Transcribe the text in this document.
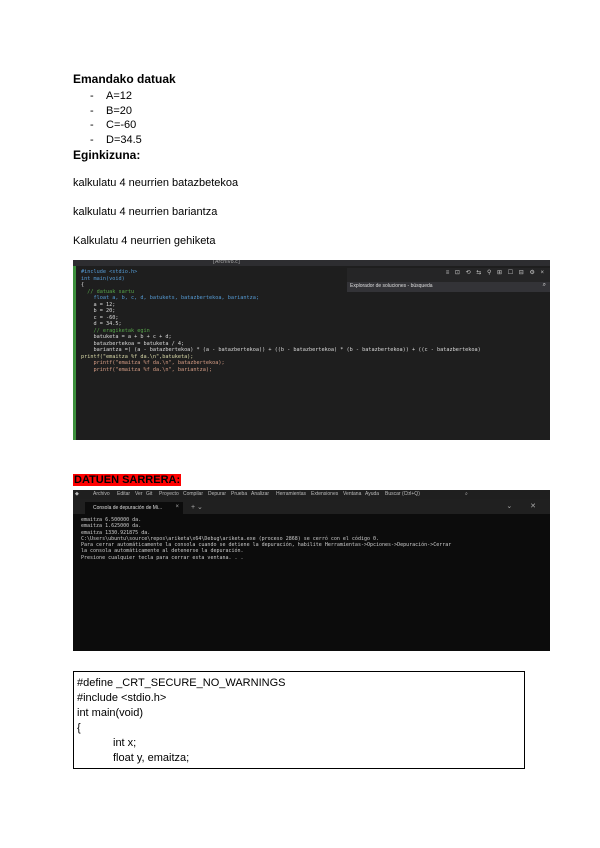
Emandako datuak
- A=12
- B=20
- C=-60
- D=34.5
Eginkizuna:
kalkulatu 4 neurrien batazbetekoa
kalkulatu 4 neurrien bariantza
Kalkulatu 4 neurrien gehiketa
[Archivo.c]
#include <stdio.h>
int main(void)
{
// datuak sartu
float a, b, c, d, batukets, batazbertekoa, bariantza;
a = 12;
b = 20;
c = -60;
d = 34.5;
// eragiketak egin
batuketa = a + b + c + d;
batazbertekoa = batuketa / 4;
bariantza =( (a - batazbertekoa) * (a - batazbertekoa)) + ((b - batazbertekoa) * (b - batazbertekoa)) + ((c - batazbertekoa)
printf("emaitza %f da.\n",batuketa);
printf("emaitza %f da.\n", batazbertekoa);
printf("emaitza %f da.\n", bariantza);
≡ ⊡ ⟲ ⇆ ⚲ ⊞ ☐ ⊟ ⚙ ×
Explorador de soluciones - búsqueda	⌕
DATUEN SARRERA:
◆	Archivo Editar Ver Git Proyecto Compilar Depurar Prueba Analizar Herramientas Extensiones Ventana Ayuda Buscar (Ctrl+Q)	⌕
Consola de depuración de Mi... × + ⌄	⌄ ✕
emaitza 6.500000 da.
emaitza 1.625000 da.
emaitza 1330.921875 da.
C:\Users\ubuntu\source\repos\ariketa\x64\Debug\ariketa.exe (proceso 2868) se cerró con el código 0.
Para cerrar automáticamente la consola cuando se detiene la depuración, habilite Herramientas->Opciones->Depuración->Cerrar
la consola automáticamente al detenerse la depuración.
Presione cualquier tecla para cerrar esta ventana. . .
#define _CRT_SECURE_NO_WARNINGS
#include <stdio.h>
int main(void)
{
int x;
float y, emaitza;
